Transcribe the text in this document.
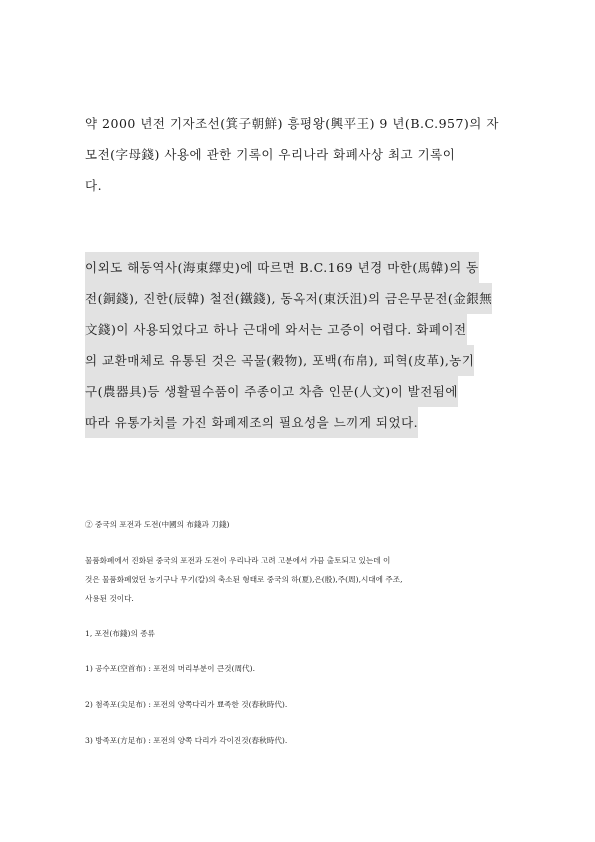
약 2000 년전 기자조선(箕子朝鮮) 흥평왕(興平王) 9 년(B.C.957)의 자
모전(字母錢) 사용에 관한 기록이 우리나라 화폐사상 최고 기록이
다.
이외도 해동역사(海東繹史)에 따르면 B.C.169 년경 마한(馬韓)의 동
전(銅錢), 진한(辰韓) 철전(鐵錢), 동옥저(東沃沮)의 금은무문전(金銀無
文錢)이 사용되었다고 하나 근대에 와서는 고증이 어렵다. 화폐이전
의 교환매체로 유통된 것은 곡물(穀物), 포백(布帛), 피혁(皮革),농기
구(農器具)등 생활필수품이 주종이고 차츰 인문(人文)이 발전됨에
따라 유통가치를 가진 화폐제조의 필요성을 느끼게 되었다.
② 중국의 포전과 도전(中國의 布錢과 刀錢)
물품화폐에서 진화된 중국의 포전과 도전이 우리나라 고려 고분에서 가끔 출토되고 있는데 이
것은 물품화폐였던 농기구나 무기(칼)의 축소된 형태로 중국의 하(夏),은(殷),주(周),시대에 주조,
사용된 것이다.
1, 포전(布錢)의 종류
1) 공수포(空首布) : 포전의 머리부분이 큰것(周代).
2) 첨족포(尖足布) : 포전의 양쪽다리가 뾰족한 것(春秋時代).
3) 방족포(方足布) : 포전의 양쪽 다리가 각이진것(春秋時代).
